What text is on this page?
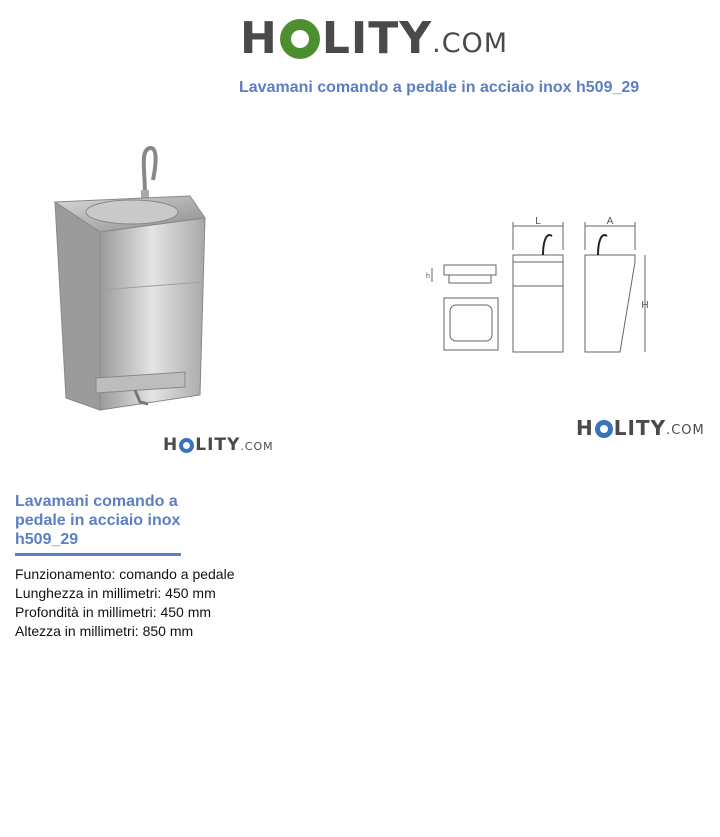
H LITY .COM
Lavamani comando a pedale in acciaio inox h509_29
H LITY .COM
L	A
H
h
H LITY .COM
Lavamani comando a pedale in acciaio inox h509_29
Funzionamento: comando a pedale
Lunghezza in millimetri: 450 mm
Profondità in millimetri: 450 mm
Altezza in millimetri: 850 mm
